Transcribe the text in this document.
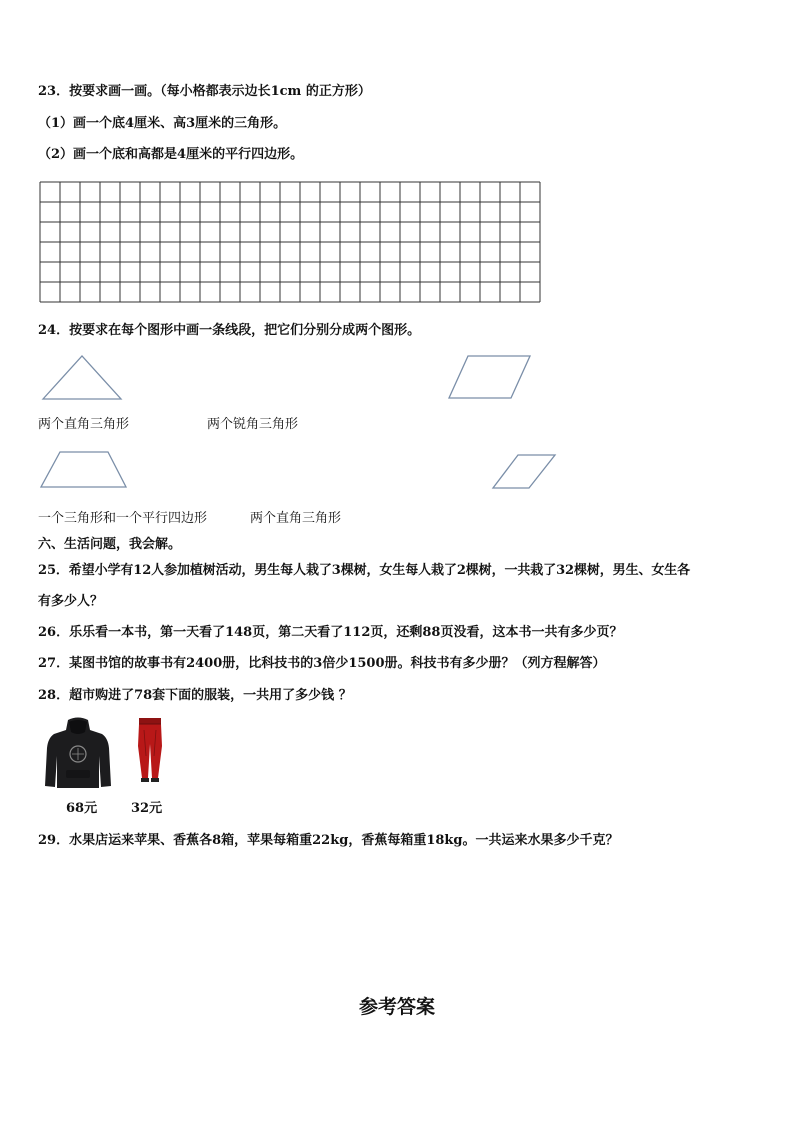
23．按要求画一画。（每小格都表示边长1cm 的正方形）
（1）画一个底4厘米、高3厘米的三角形。
（2）画一个底和高都是4厘米的平行四边形。
24．按要求在每个图形中画一条线段，把它们分别分成两个图形。
两个直角三角形	两个锐角三角形
一个三角形和一个平行四边形	两个直角三角形
六、生活问题，我会解。
25．希望小学有12人参加植树活动，男生每人栽了3棵树，女生每人栽了2棵树，一共栽了32棵树，男生、女生各
有多少人？
26．乐乐看一本书，第一天看了148页，第二天看了112页，还剩88页没看，这本书一共有多少页？
27．某图书馆的故事书有2400册，比科技书的3倍少1500册。科技书有多少册？（列方程解答）
28．超市购进了78套下面的服装，一共用了多少钱 ？
68元	32元
29．水果店运来苹果、香蕉各8箱，苹果每箱重22kg，香蕉每箱重18kg。一共运来水果多少千克？
参考答案
